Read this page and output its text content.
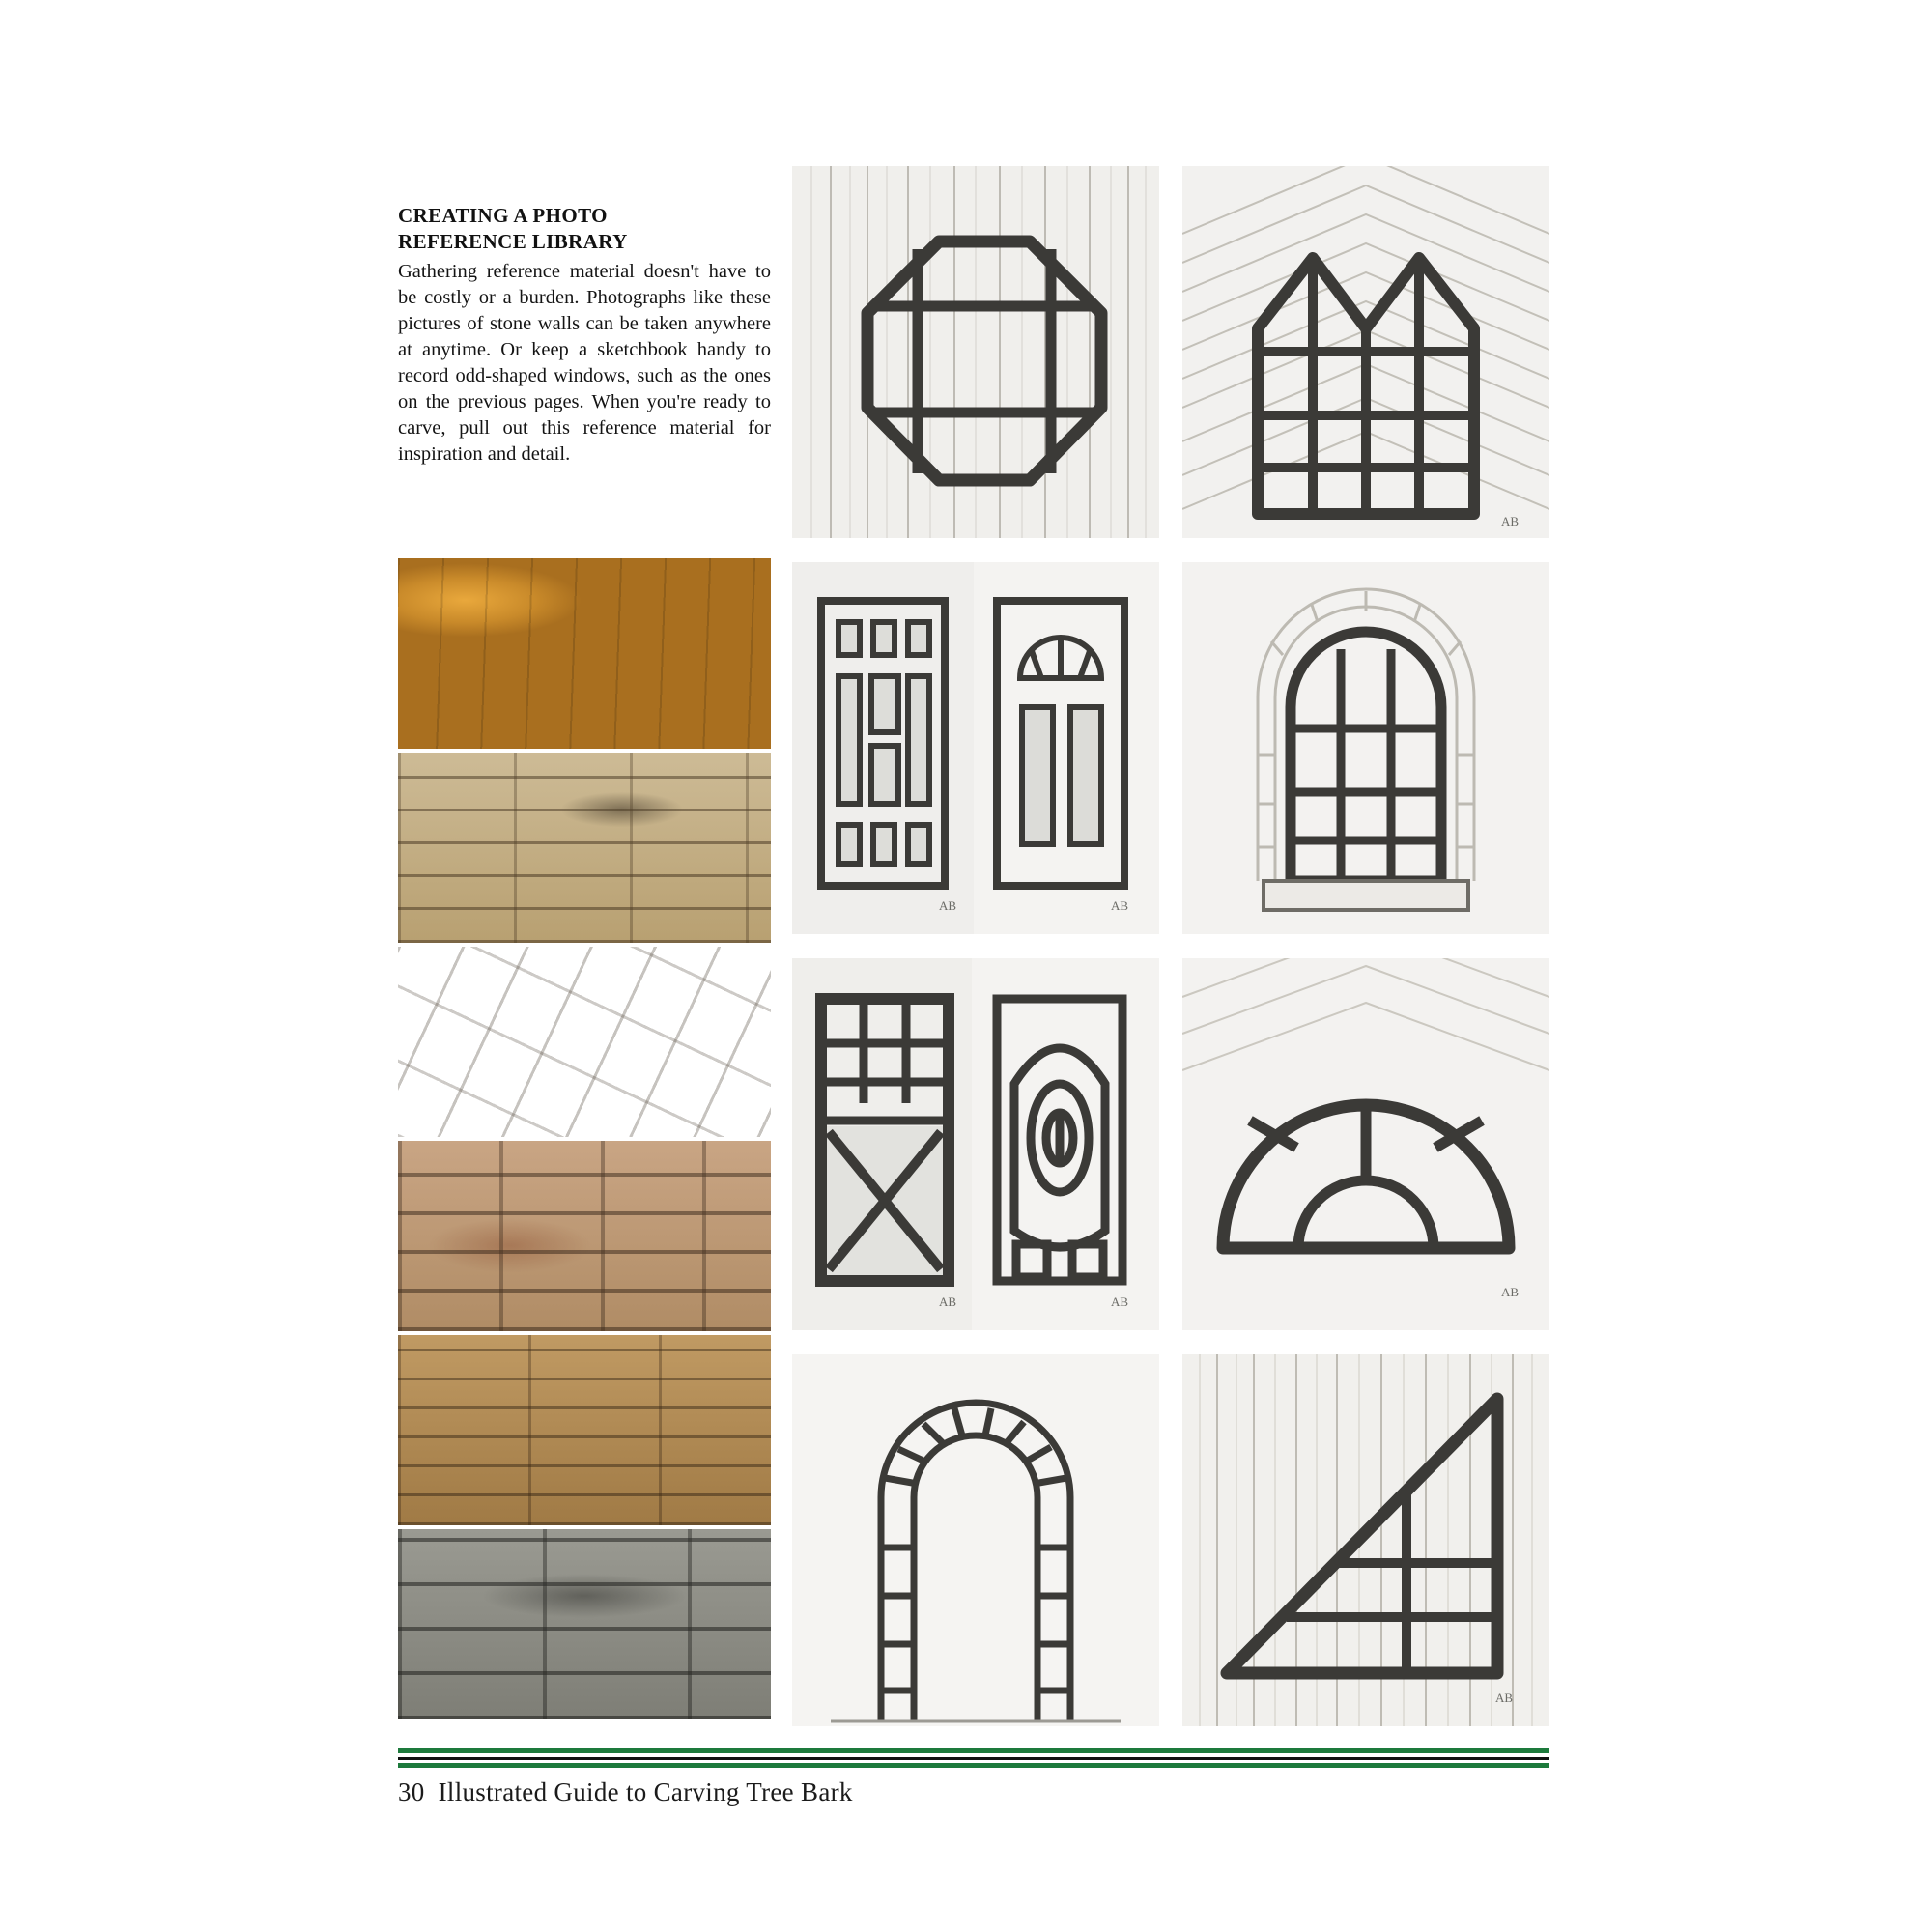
CREATING A PHOTO
REFERENCE LIBRARY

Gathering reference material doesn't have to be costly or a burden. Photographs like these pictures of stone walls can be taken anywhere at anytime. Or keep a sketchbook handy to record odd-shaped windows, such as the ones on the previous pages. When you're ready to carve, pull out this reference material for inspiration and detail.

AB
AB	AB
AB	AB
AB
AB
30 Illustrated Guide to Carving Tree Bark
